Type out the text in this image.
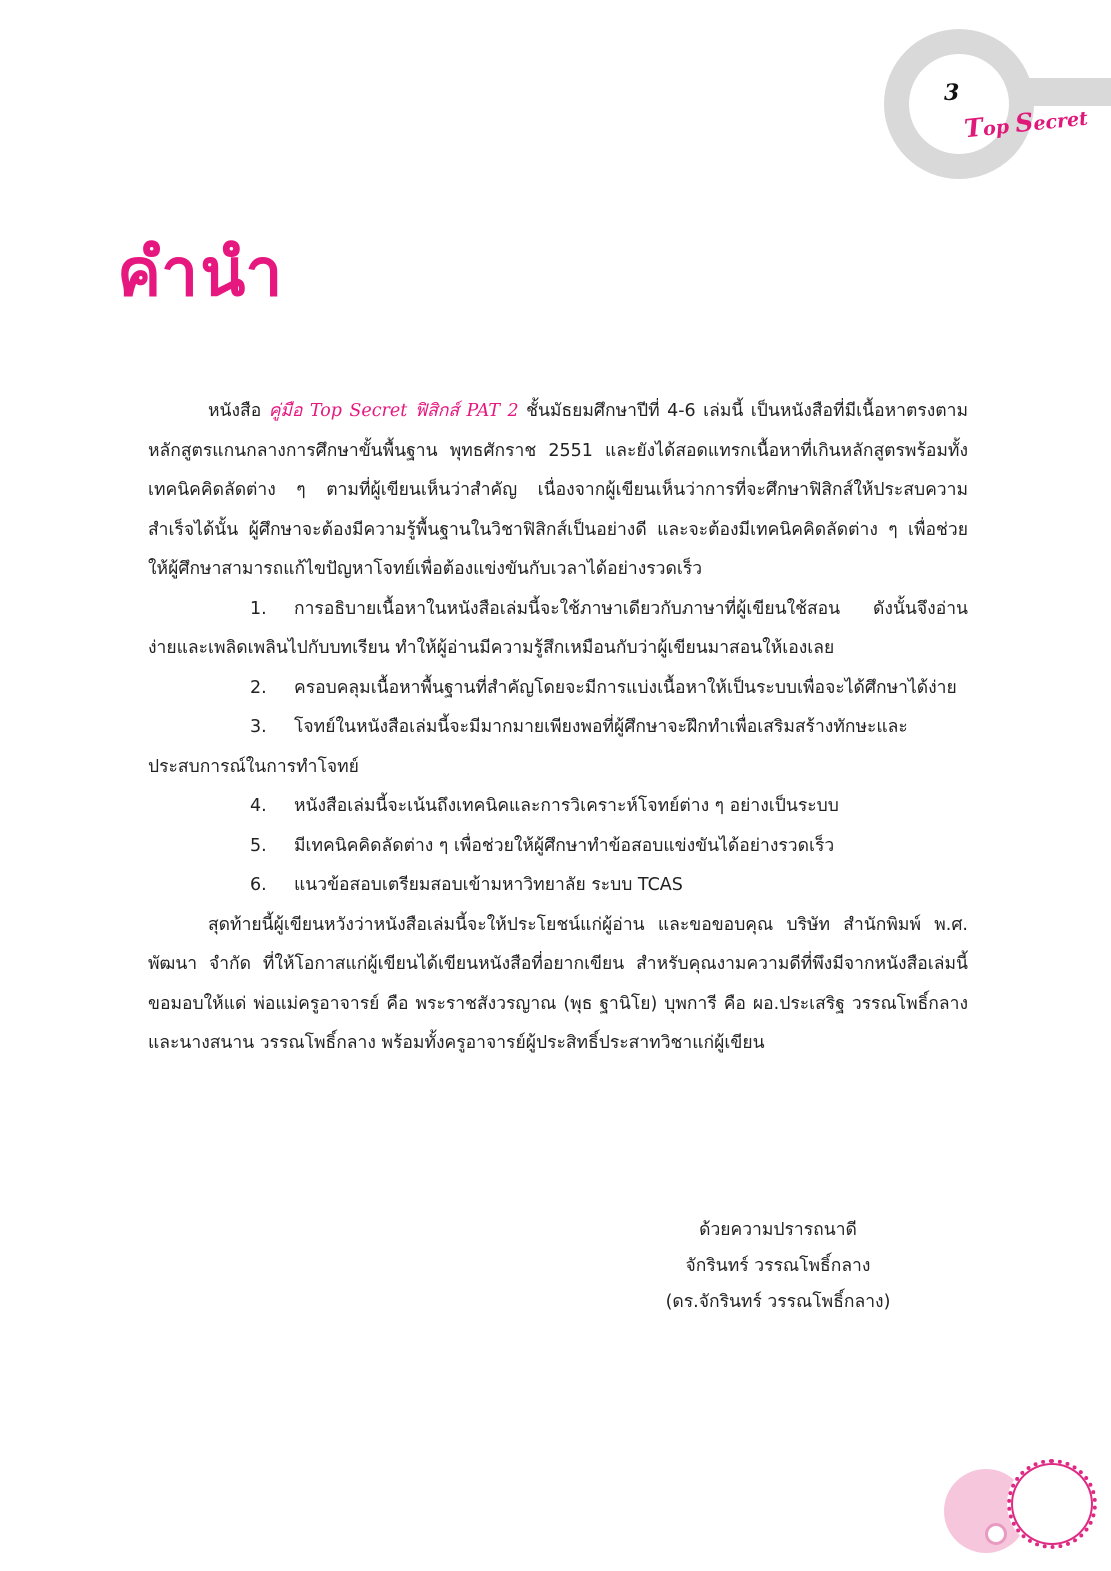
3
Top Secret
คำนำ

หนังสือ คู่มือ Top Secret ฟิสิกส์ PAT 2 ชั้นมัธยมศึกษาปีที่ 4-6 เล่มนี้ เป็นหนังสือที่มีเนื้อหาตรงตามหลักสูตรแกนกลางการศึกษาขั้นพื้นฐาน พุทธศักราช 2551 และยังได้สอดแทรกเนื้อหาที่เกินหลักสูตรพร้อมทั้งเทคนิคคิดลัดต่าง ๆ ตามที่ผู้เขียนเห็นว่าสำคัญ เนื่องจากผู้เขียนเห็นว่าการที่จะศึกษาฟิสิกส์ให้ประสบความสำเร็จได้นั้น ผู้ศึกษาจะต้องมีความรู้พื้นฐานในวิชาฟิสิกส์เป็นอย่างดี และจะต้องมีเทคนิคคิดลัดต่าง ๆ เพื่อช่วยให้ผู้ศึกษาสามารถแก้ไขปัญหาโจทย์เพื่อต้องแข่งขันกับเวลาได้อย่างรวดเร็ว

1. การอธิบายเนื้อหาในหนังสือเล่มนี้จะใช้ภาษาเดียวกับภาษาที่ผู้เขียนใช้สอน ดังนั้นจึงอ่านง่ายและเพลิดเพลินไปกับบทเรียน ทำให้ผู้อ่านมีความรู้สึกเหมือนกับว่าผู้เขียนมาสอนให้เองเลย

2. ครอบคลุมเนื้อหาพื้นฐานที่สำคัญโดยจะมีการแบ่งเนื้อหาให้เป็นระบบเพื่อจะได้ศึกษาได้ง่าย

3. โจทย์ในหนังสือเล่มนี้จะมีมากมายเพียงพอที่ผู้ศึกษาจะฝึกทำเพื่อเสริมสร้างทักษะและประสบการณ์ในการทำโจทย์

4. หนังสือเล่มนี้จะเน้นถึงเทคนิคและการวิเคราะห์โจทย์ต่าง ๆ อย่างเป็นระบบ

5. มีเทคนิคคิดลัดต่าง ๆ เพื่อช่วยให้ผู้ศึกษาทำข้อสอบแข่งขันได้อย่างรวดเร็ว

6. แนวข้อสอบเตรียมสอบเข้ามหาวิทยาลัย ระบบ TCAS

สุดท้ายนี้ผู้เขียนหวังว่าหนังสือเล่มนี้จะให้ประโยชน์แก่ผู้อ่าน และขอขอบคุณ บริษัท สำนักพิมพ์ พ.ศ. พัฒนา จำกัด ที่ให้โอกาสแก่ผู้เขียนได้เขียนหนังสือที่อยากเขียน สำหรับคุณงามความดีที่พึงมีจากหนังสือเล่มนี้ ขอมอบให้แด่ พ่อแม่ครูอาจารย์ คือ พระราชสังวรญาณ (พุธ ฐานิโย) บุพการี คือ ผอ.ประเสริฐ วรรณโพธิ์กลาง และนางสนาน วรรณโพธิ์กลาง พร้อมทั้งครูอาจารย์ผู้ประสิทธิ์ประสาทวิชาแก่ผู้เขียน

ด้วยความปรารถนาดี
จักรินทร์ วรรณโพธิ์กลาง
(ดร.จักรินทร์ วรรณโพธิ์กลาง)
